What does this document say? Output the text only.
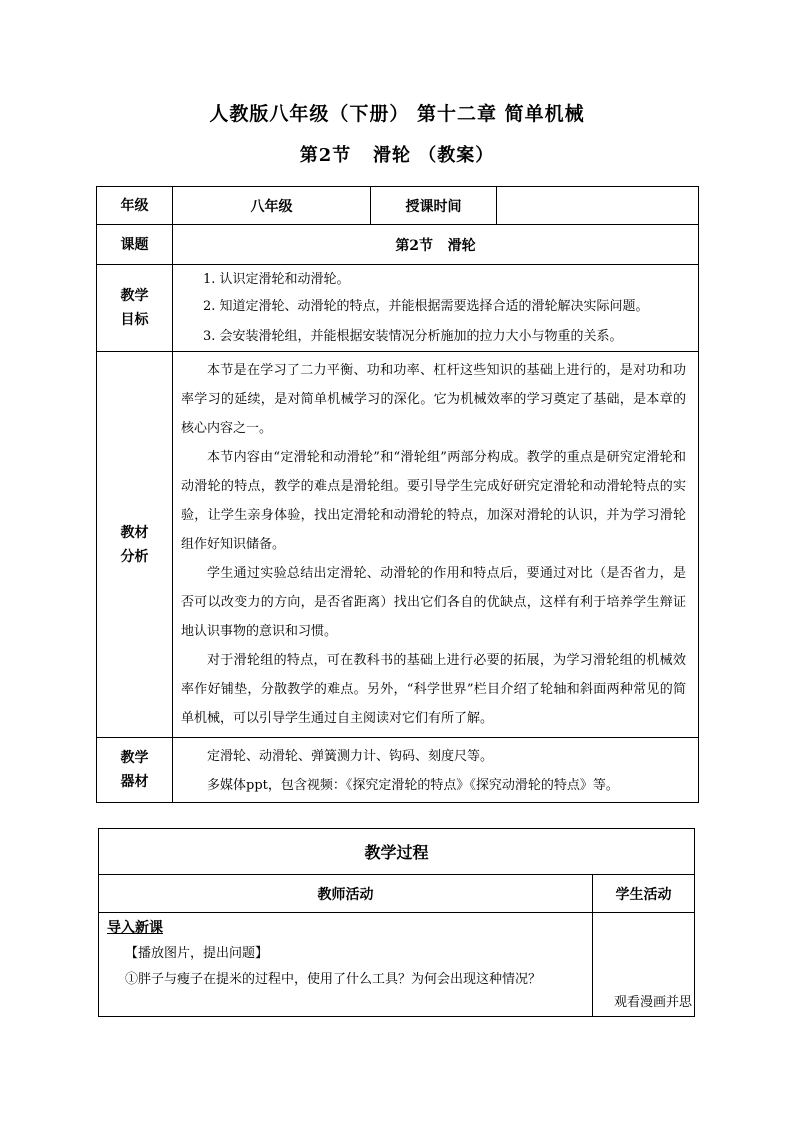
人教版八年级（下册） 第十二章 简单机械
第2节   滑轮 （教案）
年级	八年级	授课时间	
课题	第2节   滑轮		

教学目标	1. 认识定滑轮和动滑轮。
2. 知道定滑轮、动滑轮的特点，并能根据需要选择合适的滑轮解决实际问题。
3. 会安装滑轮组，并能根据安装情况分析施加的拉力大小与物重的关系。		

教材分析	本节是在学习了二力平衡、功和功率、杠杆这些知识的基础上进行的，是对功和功率学习的延续，是对简单机械学习的深化。它为机械效率的学习奠定了基础，是本章的核心内容之一。

本节内容由“定滑轮和动滑轮”和“滑轮组”两部分构成。教学的重点是研究定滑轮和动滑轮的特点，教学的难点是滑轮组。要引导学生完成好研究定滑轮和动滑轮特点的实验，让学生亲身体验，找出定滑轮和动滑轮的特点，加深对滑轮的认识，并为学习滑轮组作好知识储备。

学生通过实验总结出定滑轮、动滑轮的作用和特点后，要通过对比（是否省力，是否可以改变力的方向，是否省距离）找出它们各自的优缺点，这样有利于培养学生辩证地认识事物的意识和习惯。

对于滑轮组的特点，可在教科书的基础上进行必要的拓展，为学习滑轮组的机械效率作好铺垫，分散教学的难点。另外，“科学世界”栏目介绍了轮轴和斜面两种常见的简单机械，可以引导学生通过自主阅读对它们有所了解。		

教学器材	定滑轮、动滑轮、弹簧测力计、钩码、刻度尺等。
多媒体ppt，包含视频：《探究定滑轮的特点》《探究动滑轮的特点》等。		
教学过程	
教师活动	学生活动

导入新课
【播放图片，提出问题】
①胖子与瘦子在提米的过程中，使用了什么工具？为何会出现这种情况？	观看漫画并思
